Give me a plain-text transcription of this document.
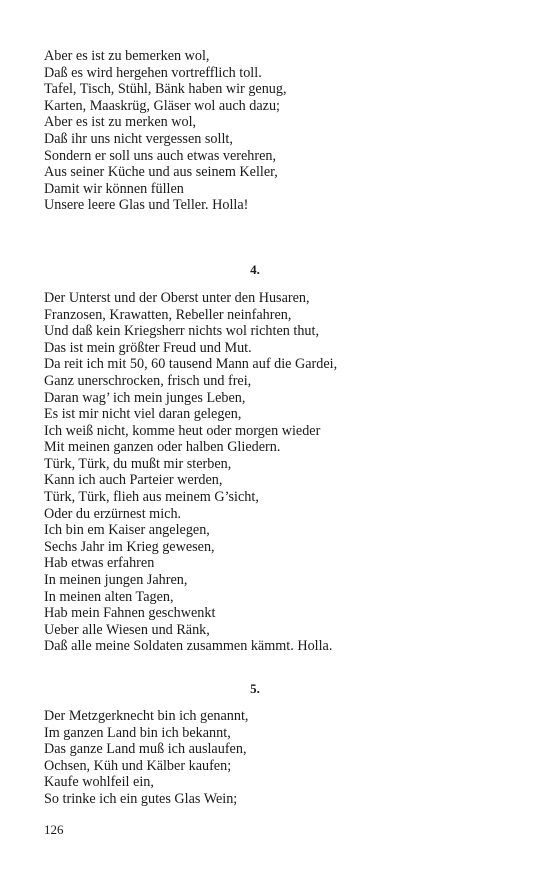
Aber es ist zu bemerken wol,
Daß es wird hergehen vortrefflich toll.
Tafel, Tisch, Stühl, Bänk haben wir genug,
Karten, Maaskrüg, Gläser wol auch dazu;
Aber es ist zu merken wol,
Daß ihr uns nicht vergessen sollt,
Sondern er soll uns auch etwas verehren,
Aus seiner Küche und aus seinem Keller,
Damit wir können füllen
Unsere leere Glas und Teller. Holla!
4.
Der Unterst und der Oberst unter den Husaren,
Franzosen, Krawatten, Rebeller neinfahren,
Und daß kein Kriegsherr nichts wol richten thut,
Das ist mein größter Freud und Mut.
Da reit ich mit 50, 60 tausend Mann auf die Gardei,
Ganz unerschrocken, frisch und frei,
Daran wag’ ich mein junges Leben,
Es ist mir nicht viel daran gelegen,
Ich weiß nicht, komme heut oder morgen wieder
Mit meinen ganzen oder halben Gliedern.
Türk, Türk, du mußt mir sterben,
Kann ich auch Parteier werden,
Türk, Türk, flieh aus meinem G’sicht,
Oder du erzürnest mich.
Ich bin em Kaiser angelegen,
Sechs Jahr im Krieg gewesen,
Hab etwas erfahren
In meinen jungen Jahren,
In meinen alten Tagen,
Hab mein Fahnen geschwenkt
Ueber alle Wiesen und Ränk,
Daß alle meine Soldaten zusammen kämmt. Holla.
5.
Der Metzgerknecht bin ich genannt,
Im ganzen Land bin ich bekannt,
Das ganze Land muß ich auslaufen,
Ochsen, Küh und Kälber kaufen;
Kaufe wohlfeil ein,
So trinke ich ein gutes Glas Wein;
126
